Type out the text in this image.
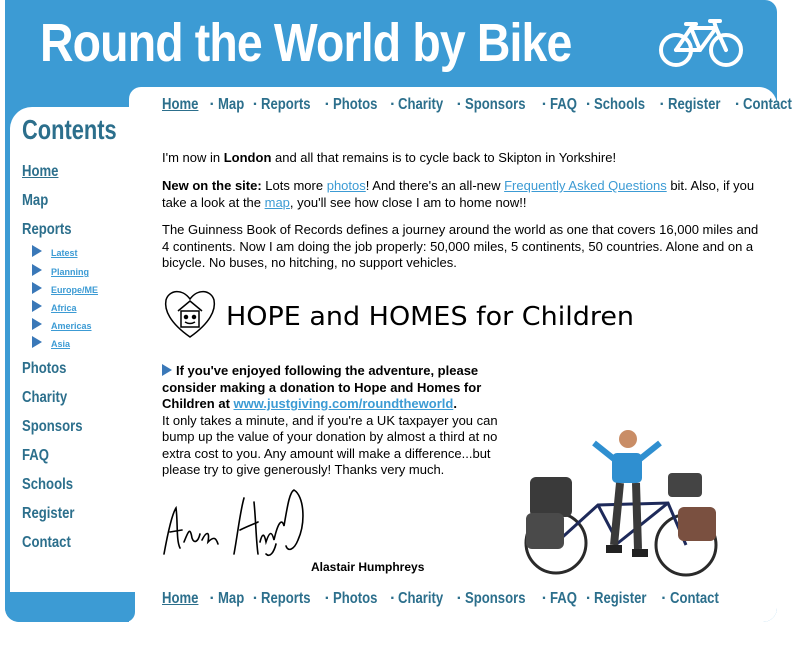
Round the World by Bike
Home · Map · Reports · Photos · Charity · Sponsors · FAQ · Schools · Register · Contact
Contents
Home
Map
Reports
Latest
Planning
Europe/ME
Africa
Americas
Asia
Photos
Charity
Sponsors
FAQ
Schools
Register
Contact

I'm now in London and all that remains is to cycle back to Skipton in Yorkshire!

New on the site: Lots more photos! And there's an all-new Frequently Asked Questions bit. Also, if you take a look at the map, you'll see how close I am to home now!!

The Guinness Book of Records defines a journey around the world as one that covers 16,000 miles and 4 continents. Now I am doing the job properly: 50,000 miles, 5 continents, 50 countries. Alone and on a bicycle. No buses, no hitching, no support vehicles.

HOPE and HOMES for Children
If you've enjoyed following the adventure, please consider making a donation to Hope and Homes for Children at www.justgiving.com/roundtheworld.
It only takes a minute, and if you're a UK taxpayer you can bump up the value of your donation by almost a third at no extra cost to you. Any amount will make a difference...but please try to give generously! Thanks very much.
Alastair Humphreys
Home · Map · Reports · Photos · Charity · Sponsors · FAQ · Register · Contact
